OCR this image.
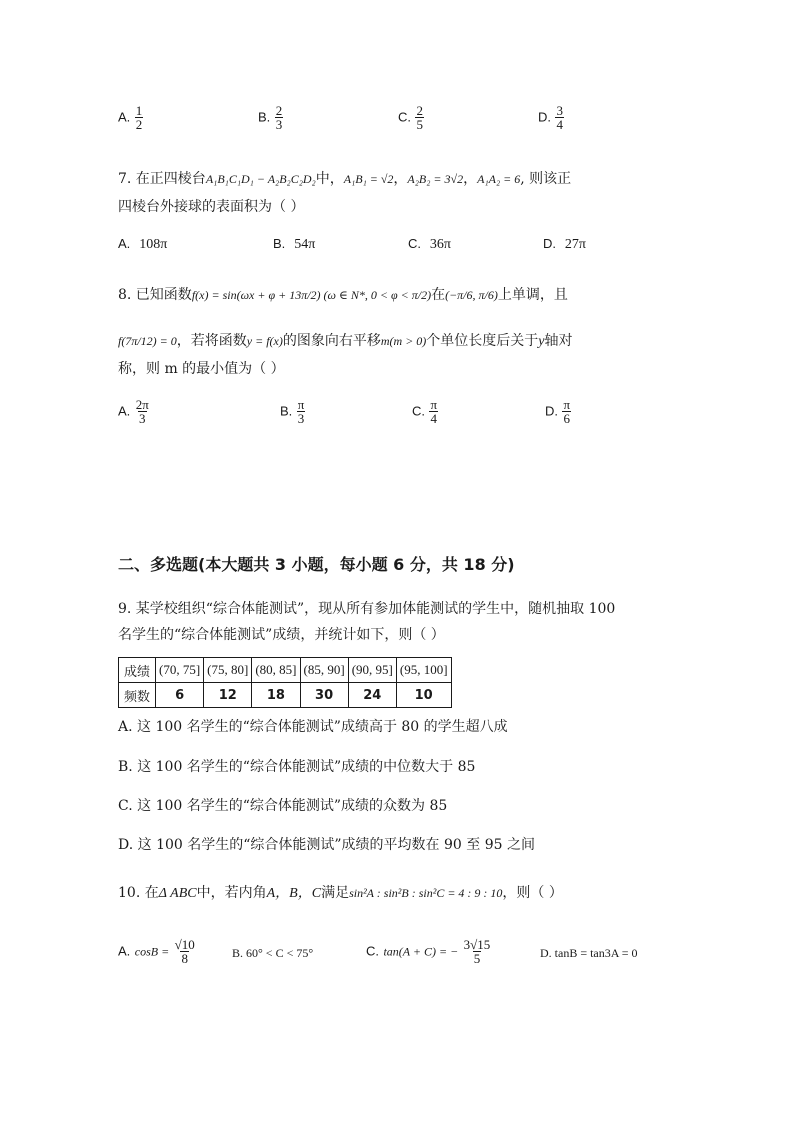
A. $\frac{1}{2}$	B. $\frac{2}{3}$	C. $\frac{2}{5}$	D. $\frac{3}{4}$
7. 在正四棱台A₁B₁C₁D₁ − A₂B₂C₂D₂中，A₁B₁ = √2，A₂B₂ = 3√2，A₁A₂ = 6, 则该正
四棱台外接球的表面积为（ ）
A. 108π	B. 54π	C. 36π	D. 27π
8. 已知函数f(x) = sin(ωx + φ + 13π/2) (ω ∈ N*, 0 < φ < π/2)在(−π/6, π/6)上单调，且
f(7π/12) = 0，若将函数y = f(x)的图象向右平移m(m > 0)个单位长度后关于y轴对
称，则 m 的最小值为（ ）
A. $\frac{2\pi}{3}$	B. $\frac{\pi}{3}$	C. $\frac{\pi}{4}$	D. $\frac{\pi}{6}$
二、多选题(本大题共 3 小题，每小题 6 分，共 18 分)
9. 某学校组织“综合体能测试”，现从所有参加体能测试的学生中，随机抽取 100
名学生的“综合体能测试”成绩，并统计如下，则（ ）
成绩	(70, 75]	(75, 80]	(80, 85]	(85, 90]	(90, 95]	(95, 100]
频数	6	12	18	30	24	10
A. 这 100 名学生的“综合体能测试”成绩高于 80 的学生超八成
B. 这 100 名学生的“综合体能测试”成绩的中位数大于 85
C. 这 100 名学生的“综合体能测试”成绩的众数为 85
D. 这 100 名学生的“综合体能测试”成绩的平均数在 90 至 95 之间
10. 在Δ ABC中，若内角A，B，C满足sin²A : sin²B : sin²C = 4 : 9 : 10，则（ ）
A. $\cos B = \frac{√10}{8}$	B. 60° < C < 75°	C. tan(A + C) = − $\frac{3√15}{5}$	D. tanB = tan3A = 0
